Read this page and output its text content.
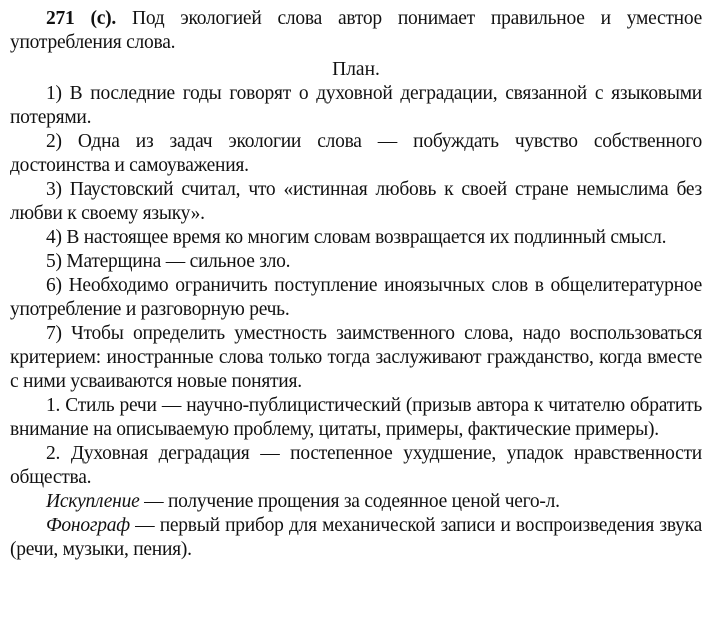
271 (с). Под экологией слова автор понимает правильное и уместное употребления слова.

План.

1) В последние годы говорят о духовной деградации, связанной с языковыми потерями.

2) Одна из задач экологии слова — побуждать чувство собственного достоинства и самоуважения.

3) Паустовский считал, что «истинная любовь к своей стране немыслима без любви к своему языку».

4) В настоящее время ко многим словам возвращается их подлинный смысл.

5) Матерщина — сильное зло.

6) Необходимо ограничить поступление иноязычных слов в общелитературное употребление и разговорную речь.

7) Чтобы определить уместность заимственного слова, надо воспользоваться критерием: иностранные слова только тогда заслуживают гражданство, когда вместе с ними усваиваются новые понятия.

1. Стиль речи — научно-публицистический (призыв автора к читателю обратить внимание на описываемую проблему, цитаты, примеры, фактические примеры).

2. Духовная деградация — постепенное ухудшение, упадок нравственности общества.

Искупление — получение прощения за содеянное ценой чего-л.

Фонограф — первый прибор для механической записи и воспроизведения звука (речи, музыки, пения).
